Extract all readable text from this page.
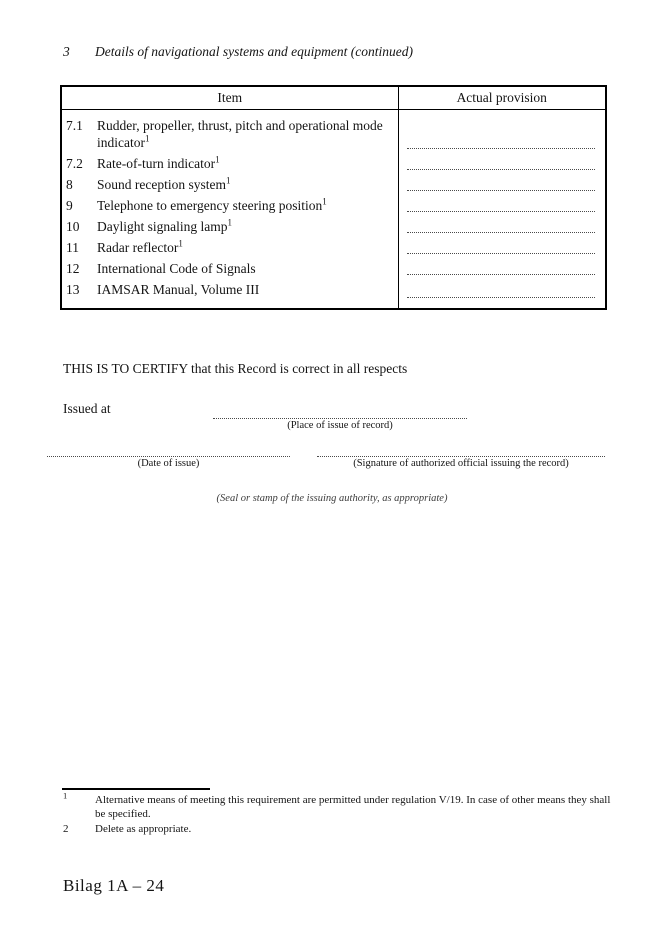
3	Details of navigational systems and equipment (continued)
Item	Actual provision

7.1 Rudder, propeller, thrust, pitch and operational mode indicator$^1$

7.2 Rate-of-turn indicator$^1$

8 Sound reception system$^1$

9 Telephone to emergency steering position$^1$

10 Daylight signaling lamp$^1$

11 Radar reflector$^1$

12 International Code of Signals	

13 IAMSAR Manual, Volume III	

THIS IS TO CERTIFY that this Record is correct in all respects
Issued at
(Place of issue of record)
(Date of issue)	(Signature of authorized official issuing the record)
(Seal or stamp of the issuing authority, as appropriate)
$^1$	Alternative means of meeting this requirement are permitted under regulation V/19. In case of other means they shall be specified.
2	Delete as appropriate.
Bilag 1A – 24
